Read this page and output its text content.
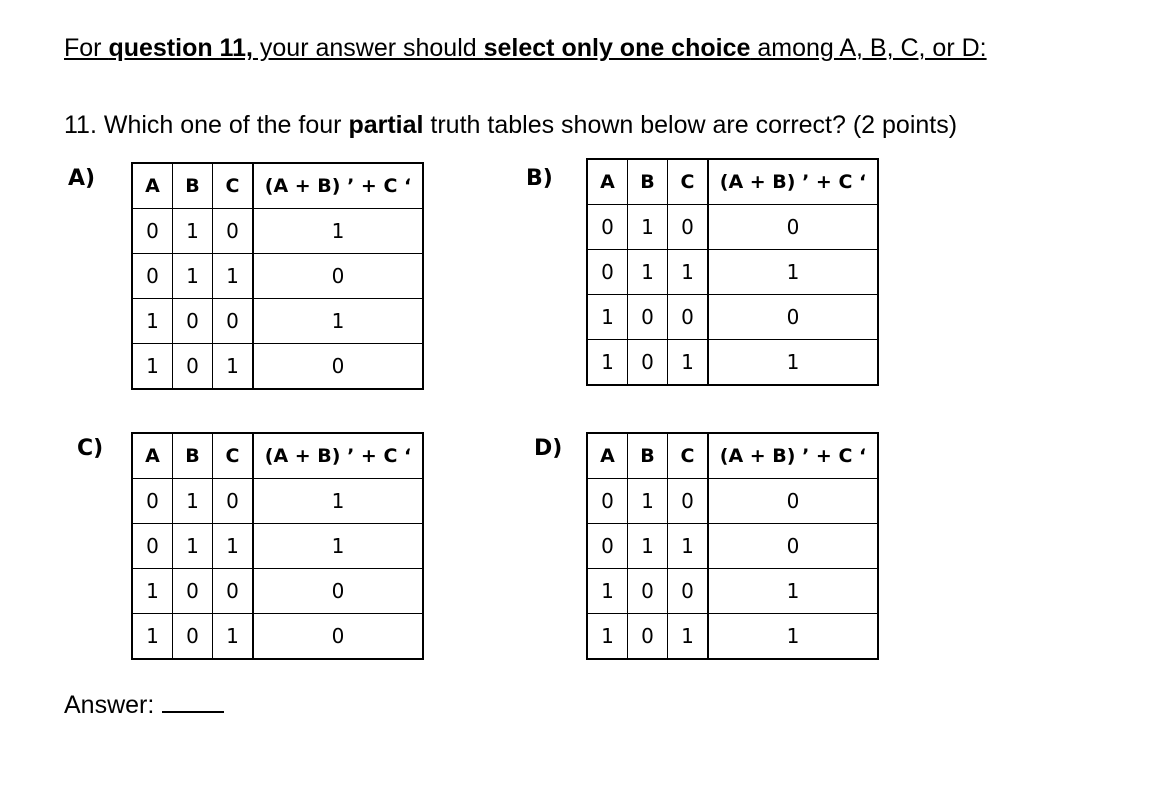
For question 11, your answer should select only one choice among A, B, C, or D:
11. Which one of the four partial truth tables shown below are correct? (2 points)
A)	A	B	C	(A + B) ’ + C ‘
0	1	0	1
0	1	1	0
1	0	0	1
1	0	1	0
B) A	B	C	(A + B) ’ + C ‘
0	1	0	0
0	1	1	1
1	0	0	0
1	0	1	1
C) A	B	C	(A + B) ’ + C ‘
0	1	0	1
0	1	1	1
1	0	0	0
1	0	1	0
D) A	B	C	(A + B) ’ + C ‘
0	1	0	0
0	1	1	0
1	0	0	1
1	0	1	1
Answer:
